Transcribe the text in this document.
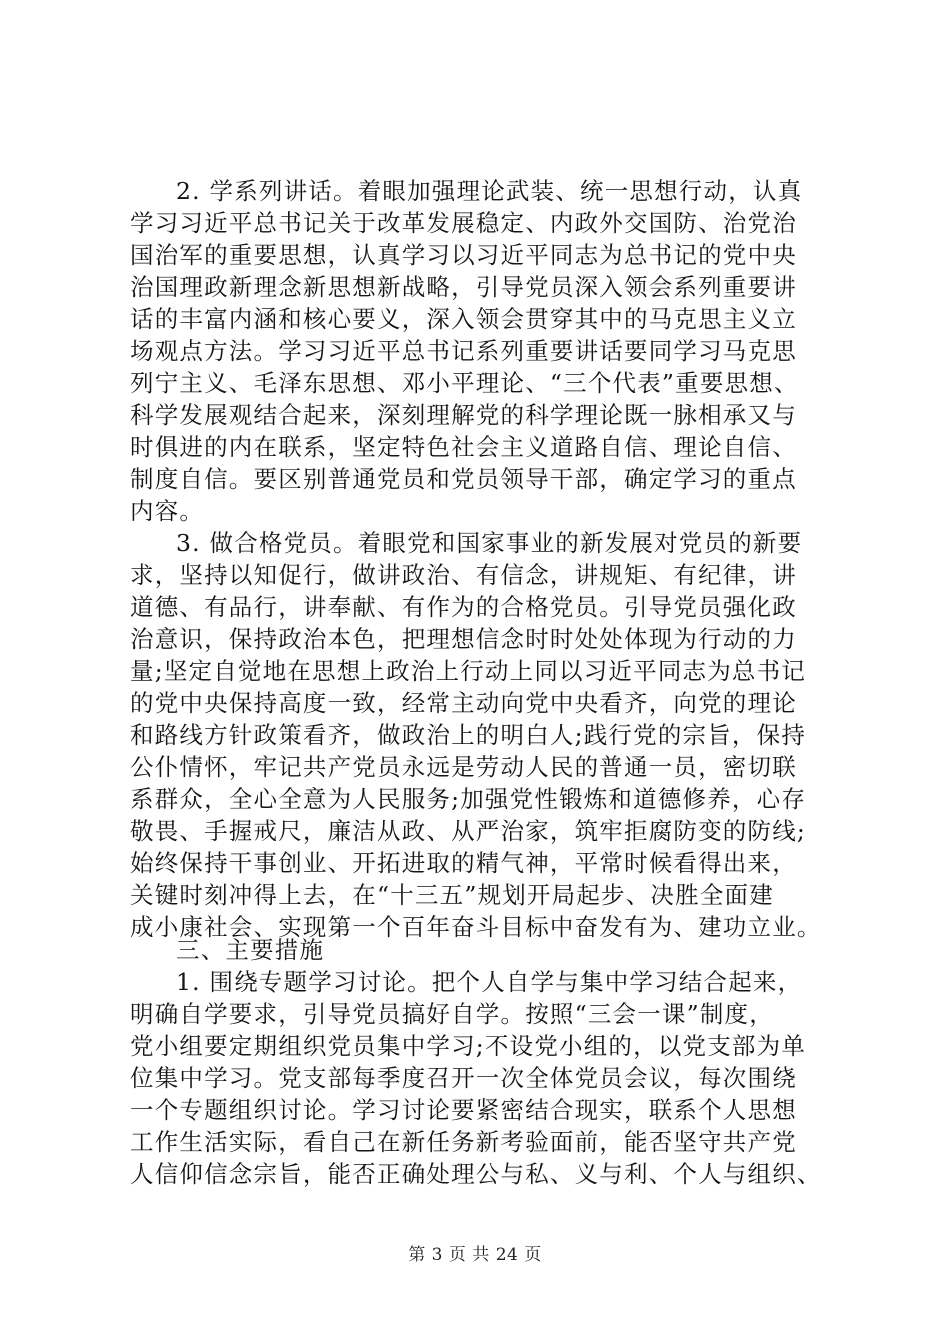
2. 学系列讲话。着眼加强理论武装、统一思想行动，认真
学习习近平总书记关于改革发展稳定、内政外交国防、治党治
国治军的重要思想，认真学习以习近平同志为总书记的党中央
治国理政新理念新思想新战略，引导党员深入领会系列重要讲
话的丰富内涵和核心要义，深入领会贯穿其中的马克思主义立
场观点方法。学习习近平总书记系列重要讲话要同学习马克思
列宁主义、毛泽东思想、邓小平理论、“三个代表”重要思想、
科学发展观结合起来，深刻理解党的科学理论既一脉相承又与
时俱进的内在联系，坚定特色社会主义道路自信、理论自信、
制度自信。要区别普通党员和党员领导干部，确定学习的重点
内容。
3. 做合格党员。着眼党和国家事业的新发展对党员的新要
求，坚持以知促行，做讲政治、有信念，讲规矩、有纪律，讲
道德、有品行，讲奉献、有作为的合格党员。引导党员强化政
治意识，保持政治本色，把理想信念时时处处体现为行动的力
量;坚定自觉地在思想上政治上行动上同以习近平同志为总书记
的党中央保持高度一致，经常主动向党中央看齐，向党的理论
和路线方针政策看齐，做政治上的明白人;践行党的宗旨，保持
公仆情怀，牢记共产党员永远是劳动人民的普通一员，密切联
系群众，全心全意为人民服务;加强党性锻炼和道德修养，心存
敬畏、手握戒尺，廉洁从政、从严治家，筑牢拒腐防变的防线;
始终保持干事创业、开拓进取的精气神，平常时候看得出来，
关键时刻冲得上去，在“十三五”规划开局起步、决胜全面建
成小康社会、实现第一个百年奋斗目标中奋发有为、建功立业。
三、主要措施
1. 围绕专题学习讨论。把个人自学与集中学习结合起来，
明确自学要求，引导党员搞好自学。按照“三会一课”制度，
党小组要定期组织党员集中学习;不设党小组的，以党支部为单
位集中学习。党支部每季度召开一次全体党员会议，每次围绕
一个专题组织讨论。学习讨论要紧密结合现实，联系个人思想
工作生活实际，看自己在新任务新考验面前，能否坚守共产党
人信仰信念宗旨，能否正确处理公与私、义与利、个人与组织、
第 3 页 共 24 页
